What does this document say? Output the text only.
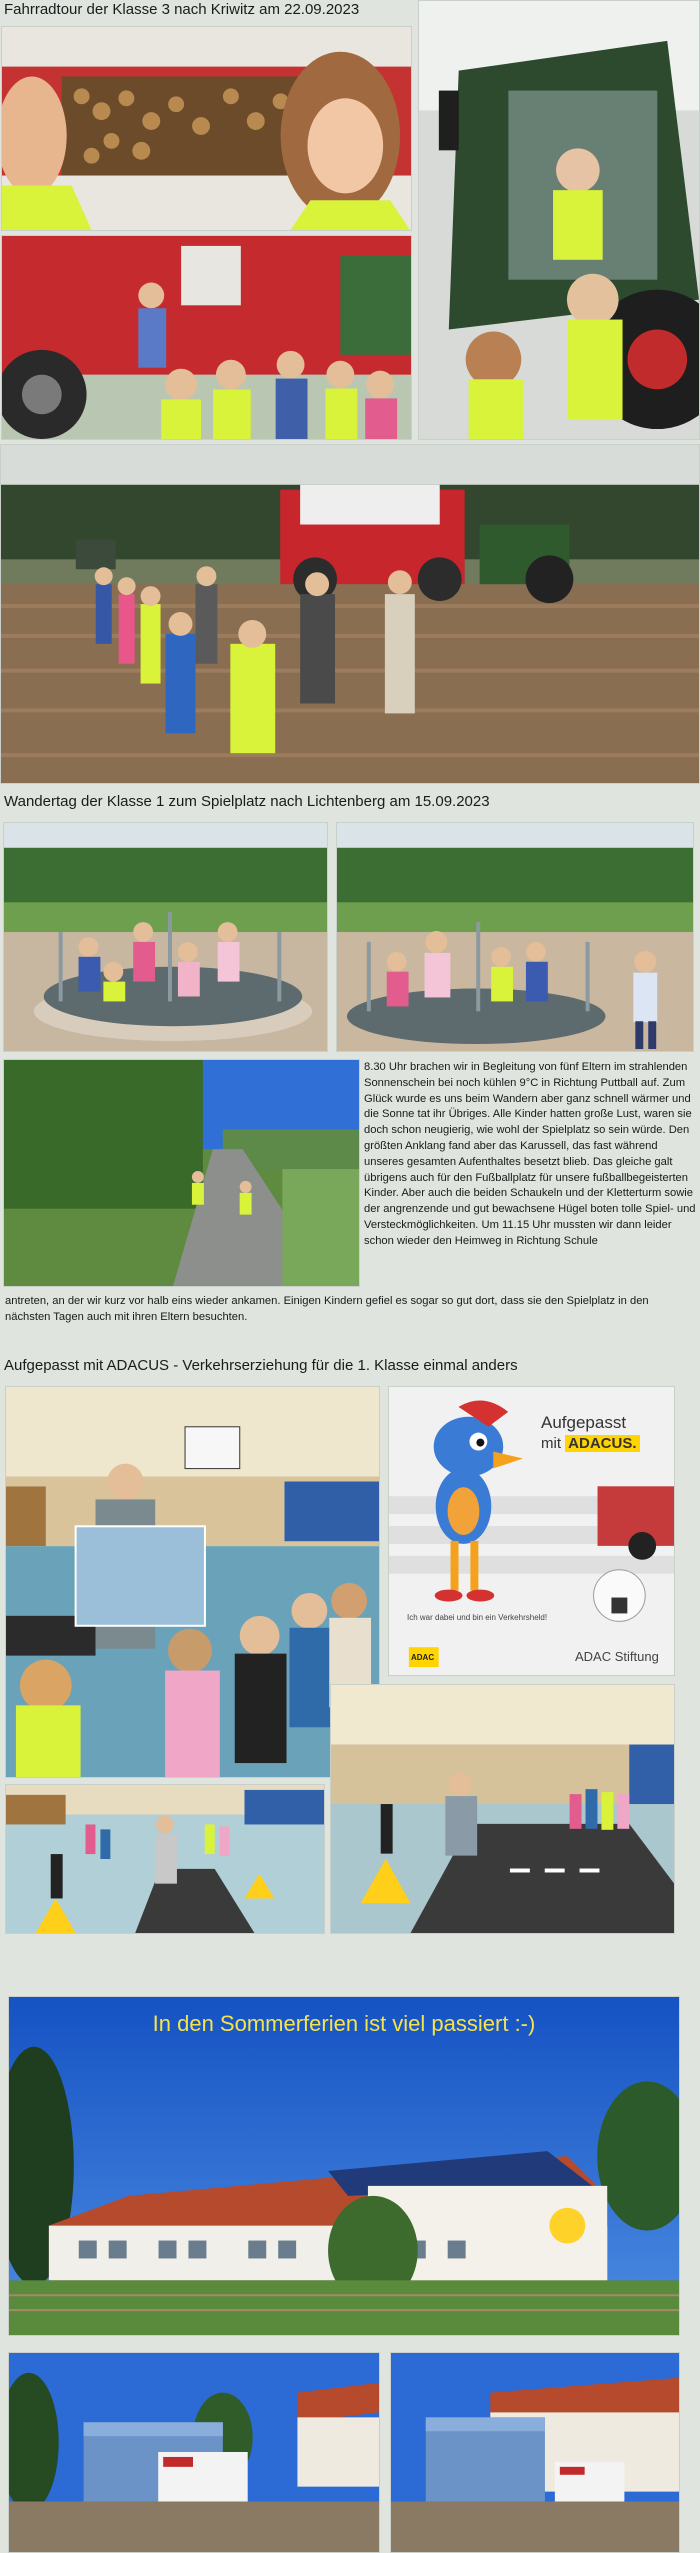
Fahrradtour der Klasse 3 nach Kriwitz am 22.09.2023
Wandertag der Klasse 1 zum Spielplatz nach Lichtenberg am 15.09.2023
8.30 Uhr brachen wir in Begleitung von fünf Eltern im strahlenden Sonnenschein bei noch kühlen 9°C in Richtung Puttball auf. Zum Glück wurde es uns beim Wandern aber ganz schnell wärmer und die Sonne tat ihr Übriges. Alle Kinder hatten große Lust, waren sie doch schon neugierig, wie wohl der Spielplatz so sein würde. Den größten Anklang fand aber das Karussell, das fast während unseres gesamten Aufenthaltes besetzt blieb. Das gleiche galt übrigens auch für den Fußballplatz für unsere fußballbegeisterten Kinder. Aber auch die beiden Schaukeln und der Kletterturm sowie der angrenzende und gut bewachsene Hügel boten tolle Spiel- und Versteckmöglichkeiten. Um 11.15 Uhr mussten wir dann leider schon wieder den Heimweg in Richtung Schule
antreten, an der wir kurz vor halb eins wieder ankamen. Einigen Kindern gefiel es sogar so gut dort, dass sie den Spielplatz in den nächsten Tagen auch mit ihren Eltern besuchten.
Aufgepasst mit ADACUS - Verkehrserziehung für die 1. Klasse einmal anders
Aufgepasst
mit ADACUS.
Ich war dabei und bin ein Verkehrsheld!
ADAC	ADAC Stiftung
In den Sommerferien ist viel passiert :-)
